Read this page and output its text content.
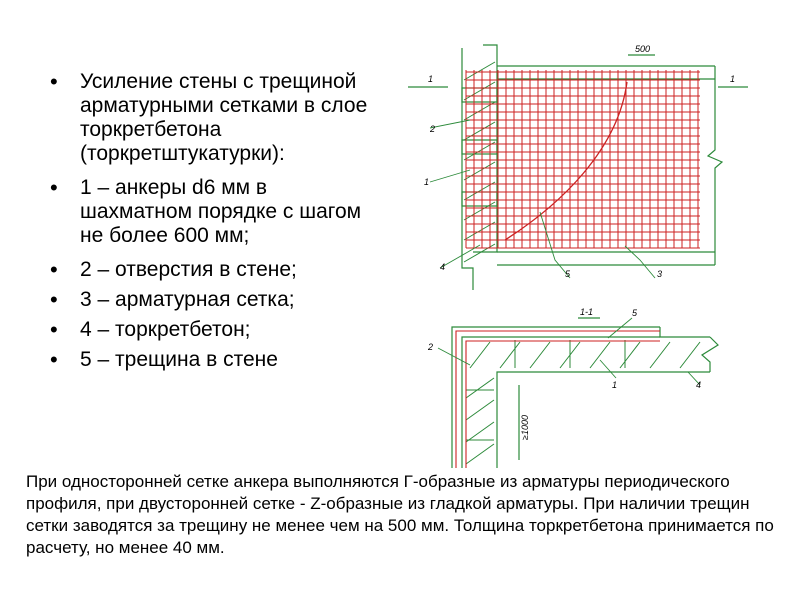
• Усиление стены с трещиной арматурными сетками в слое торкретбетона (торкретштукатурки):
• 1 – анкеры d6 мм в шахматном порядке с шагом не более 600 мм;
• 2 – отверстия в стене;
• 3 – арматурная сетка;
• 4 – торкретбетон;
• 5 – трещина в стене

При односторонней сетке анкера выполняются Г-образные из арматуры периодического профиля, при двусторонней сетке - Z-образные из гладкой арматуры. При наличии трещин сетки заводятся за трещину не менее чем на 500 мм. Толщина торкретбетона принимается по расчету, но менее 40 мм.

500
1	1
2
1
4
5	3
1-1
≥1000
2
5
1	4
